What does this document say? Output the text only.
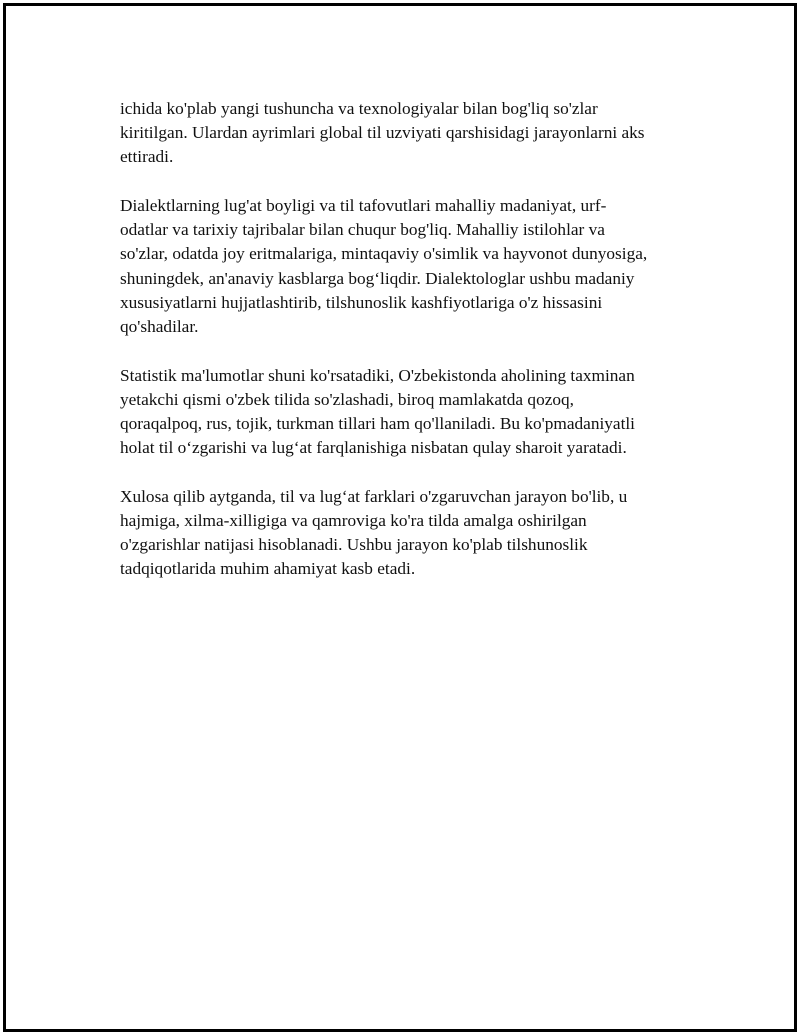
ichida ko'plab yangi tushuncha va texnologiyalar bilan bog'liq so'zlar
kiritilgan. Ulardan ayrimlari global til uzviyati qarshisidagi jarayonlarni aks
ettiradi.

Dialektlarning lug'at boyligi va til tafovutlari mahalliy madaniyat, urf-
odatlar va tarixiy tajribalar bilan chuqur bog'liq. Mahalliy istilohlar va
so'zlar, odatda joy eritmalariga, mintaqaviy o'simlik va hayvonot dunyosiga,
shuningdek, an'anaviy kasblarga bog‘liqdir. Dialektologlar ushbu madaniy
xususiyatlarni hujjatlashtirib, tilshunoslik kashfiyotlariga o'z hissasini
qo'shadilar.

Statistik ma'lumotlar shuni ko'rsatadiki, O'zbekistonda aholining taxminan
yetakchi qismi o'zbek tilida so'zlashadi, biroq mamlakatda qozoq,
qoraqalpoq, rus, tojik, turkman tillari ham qo'llaniladi. Bu ko'pmadaniyatli
holat til o‘zgarishi va lug‘at farqlanishiga nisbatan qulay sharoit yaratadi.

Xulosa qilib aytganda, til va lug‘at farklari o'zgaruvchan jarayon bo'lib, u
hajmiga, xilma-xilligiga va qamroviga ko'ra tilda amalga oshirilgan
o'zgarishlar natijasi hisoblanadi. Ushbu jarayon ko'plab tilshunoslik
tadqiqotlarida muhim ahamiyat kasb etadi.
